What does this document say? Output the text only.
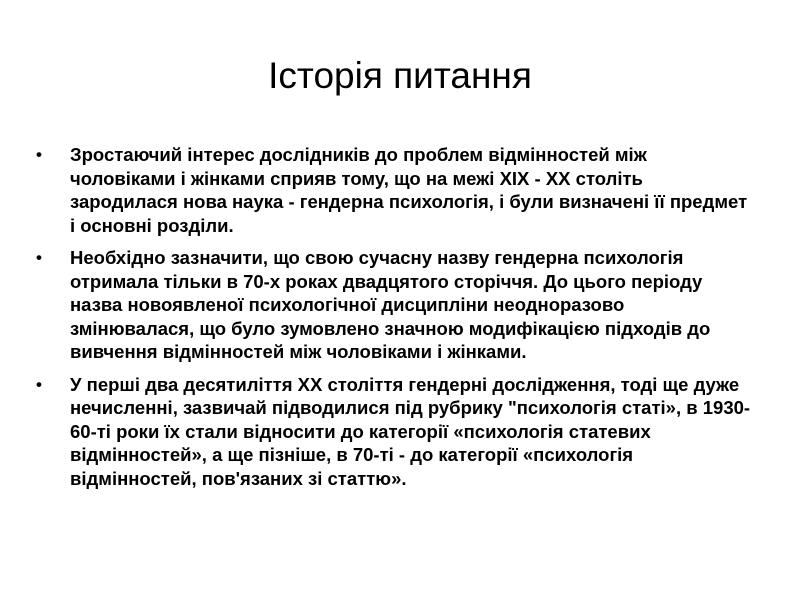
Історія питання
•	Зростаючий інтерес дослідників до проблем відмінностей між чоловіками і жінками сприяв тому, що на межі XIX - XX століть зародилася нова наука - гендерна психологія, і були визначені її предмет і основні розділи.
•	Необхідно зазначити, що свою сучасну назву гендерна психологія отримала тільки в 70-х роках двадцятого сторіччя. До цього періоду назва новоявленої психологічної дисципліни неодноразово змінювалася, що було зумовлено значною модифікацією підходів до вивчення відмінностей між чоловіками і жінками.
•	У перші два десятиліття XX століття гендерні дослідження, тоді ще дуже нечисленні, зазвичай підводилися під рубрику "психологія статі», в 1930-60-ті роки їх стали відносити до категорії «психологія статевих відмінностей», а ще пізніше, в 70-ті - до категорії «психологія відмінностей, пов'язаних зі статтю».
